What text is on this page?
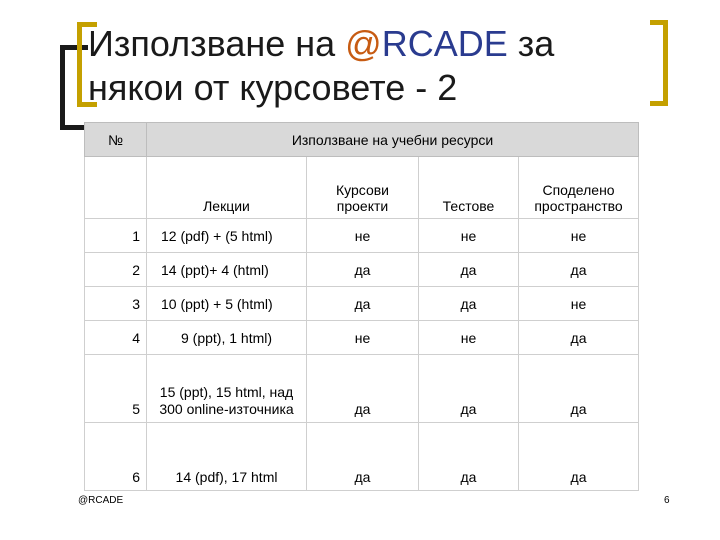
Използване на @RCADE за
някои от курсовете - 2
№	Използване на учебни ресурси			
	Лекции	Курсови проекти	Тестове	Споделено пространство
1	12 (pdf) + (5 html)	не	не	не
2	14 (ppt)+ 4 (html)	да	да	да
3	10 (ppt) + 5 (html)	да	да	не
4	9 (ppt), 1 html)	не	не	да
5	15 (ppt), 15 html, над 300 online-източника	да	да	да
6	14 (pdf), 17 html	да	да	да
@RCADE	6
